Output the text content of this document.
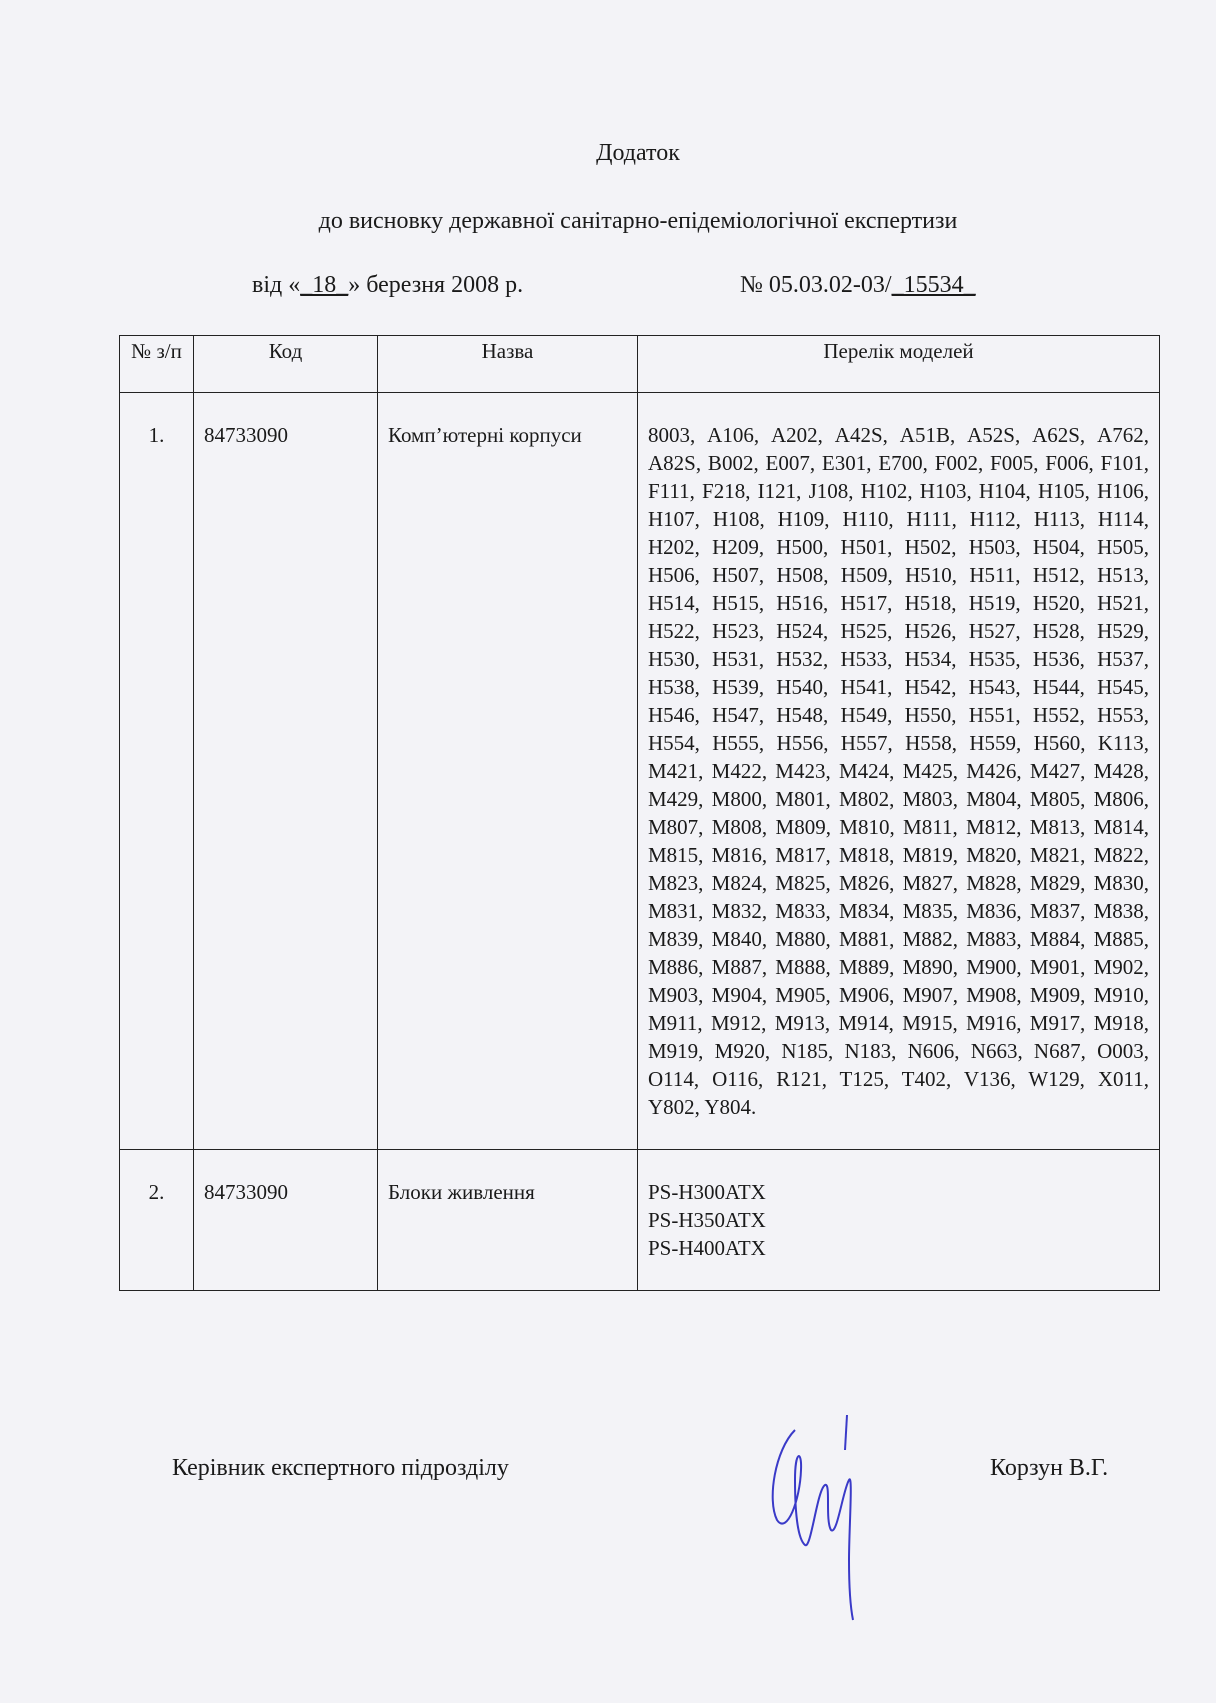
Додаток
до висновку державної санітарно-епідеміологічної експертизи
від «_18_» березня 2008 р.	№ 05.03.02-03/_15534_
№ з/п	Код	Назва	Перелік моделей
1.	84733090	Комп’ютерні корпуси	8003, A106, A202, A42S, A51B, A52S, A62S, A762, A82S, B002, E007, E301, E700, F002, F005, F006, F101, F111, F218, I121, J108, H102, H103, H104, H105, H106, H107, H108, H109, H110, H111, H112, H113, H114, H202, H209, H500, H501, H502, H503, H504, H505, H506, H507, H508, H509, H510, H511, H512, H513, H514, H515, H516, H517, H518, H519, H520, H521, H522, H523, H524, H525, H526, H527, H528, H529, H530, H531, H532, H533, H534, H535, H536, H537, H538, H539, H540, H541, H542, H543, H544, H545, H546, H547, H548, H549, H550, H551, H552, H553, H554, H555, H556, H557, H558, H559, H560, K113, M421, M422, M423, M424, M425, M426, M427, M428, M429, M800, M801, M802, M803, M804, M805, M806, M807, M808, M809, M810, M811, M812, M813, M814, M815, M816, M817, M818, M819, M820, M821, M822, M823, M824, M825, M826, M827, M828, M829, M830, M831, M832, M833, M834, M835, M836, M837, M838, M839, M840, M880, M881, M882, M883, M884, M885, M886, M887, M888, M889, M890, M900, M901, M902, M903, M904, M905, M906, M907, M908, M909, M910, M911, M912, M913, M914, M915, M916, M917, M918, M919, M920, N185, N183, N606, N663, N687, O003, O114, O116, R121, T125, T402, V136, W129, X011, Y802, Y804.
2.	84733090	Блоки живлення	PS-H300ATX
PS-H350ATX
PS-H400ATX
Керівник експертного підрозділу	Корзун В.Г.
